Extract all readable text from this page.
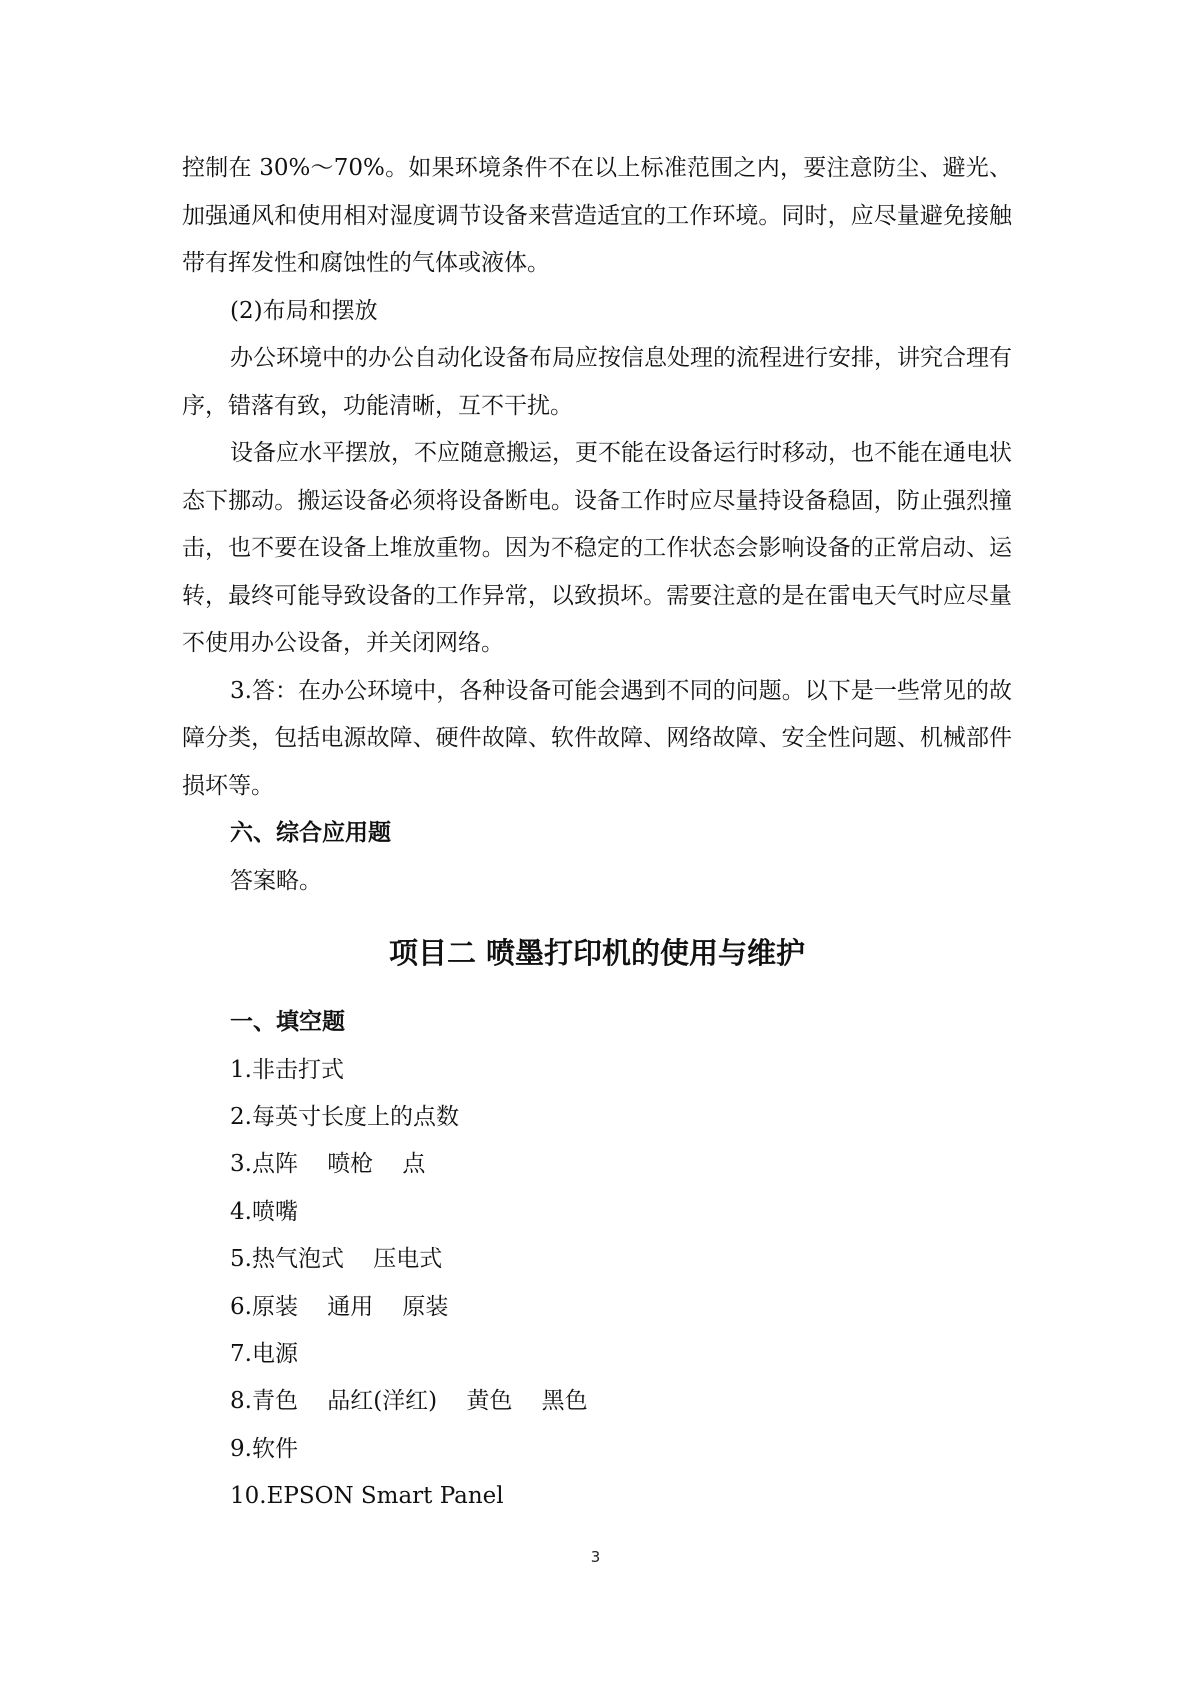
控制在 30%～70%。如果环境条件不在以上标准范围之内，要注意防尘、避光、加强通风和使用相对湿度调节设备来营造适宜的工作环境。同时，应尽量避免接触带有挥发性和腐蚀性的气体或液体。

(2)布局和摆放

办公环境中的办公自动化设备布局应按信息处理的流程进行安排，讲究合理有序，错落有致，功能清晰，互不干扰。

设备应水平摆放，不应随意搬运，更不能在设备运行时移动，也不能在通电状态下挪动。搬运设备必须将设备断电。设备工作时应尽量持设备稳固，防止强烈撞击，也不要在设备上堆放重物。因为不稳定的工作状态会影响设备的正常启动、运转，最终可能导致设备的工作异常，以致损坏。需要注意的是在雷电天气时应尽量不使用办公设备，并关闭网络。

3.答：在办公环境中，各种设备可能会遇到不同的问题。以下是一些常见的故障分类，包括电源故障、硬件故障、软件故障、网络故障、安全性问题、机械部件损坏等。

六、综合应用题

答案略。

项目二 喷墨打印机的使用与维护

一、填空题

1.非击打式
2.每英寸长度上的点数
3.点阵    喷枪    点
4.喷嘴
5.热气泡式    压电式
6.原装    通用    原装
7.电源
8.青色    品红(洋红)    黄色    黑色
9.软件
10.EPSON Smart Panel
3
